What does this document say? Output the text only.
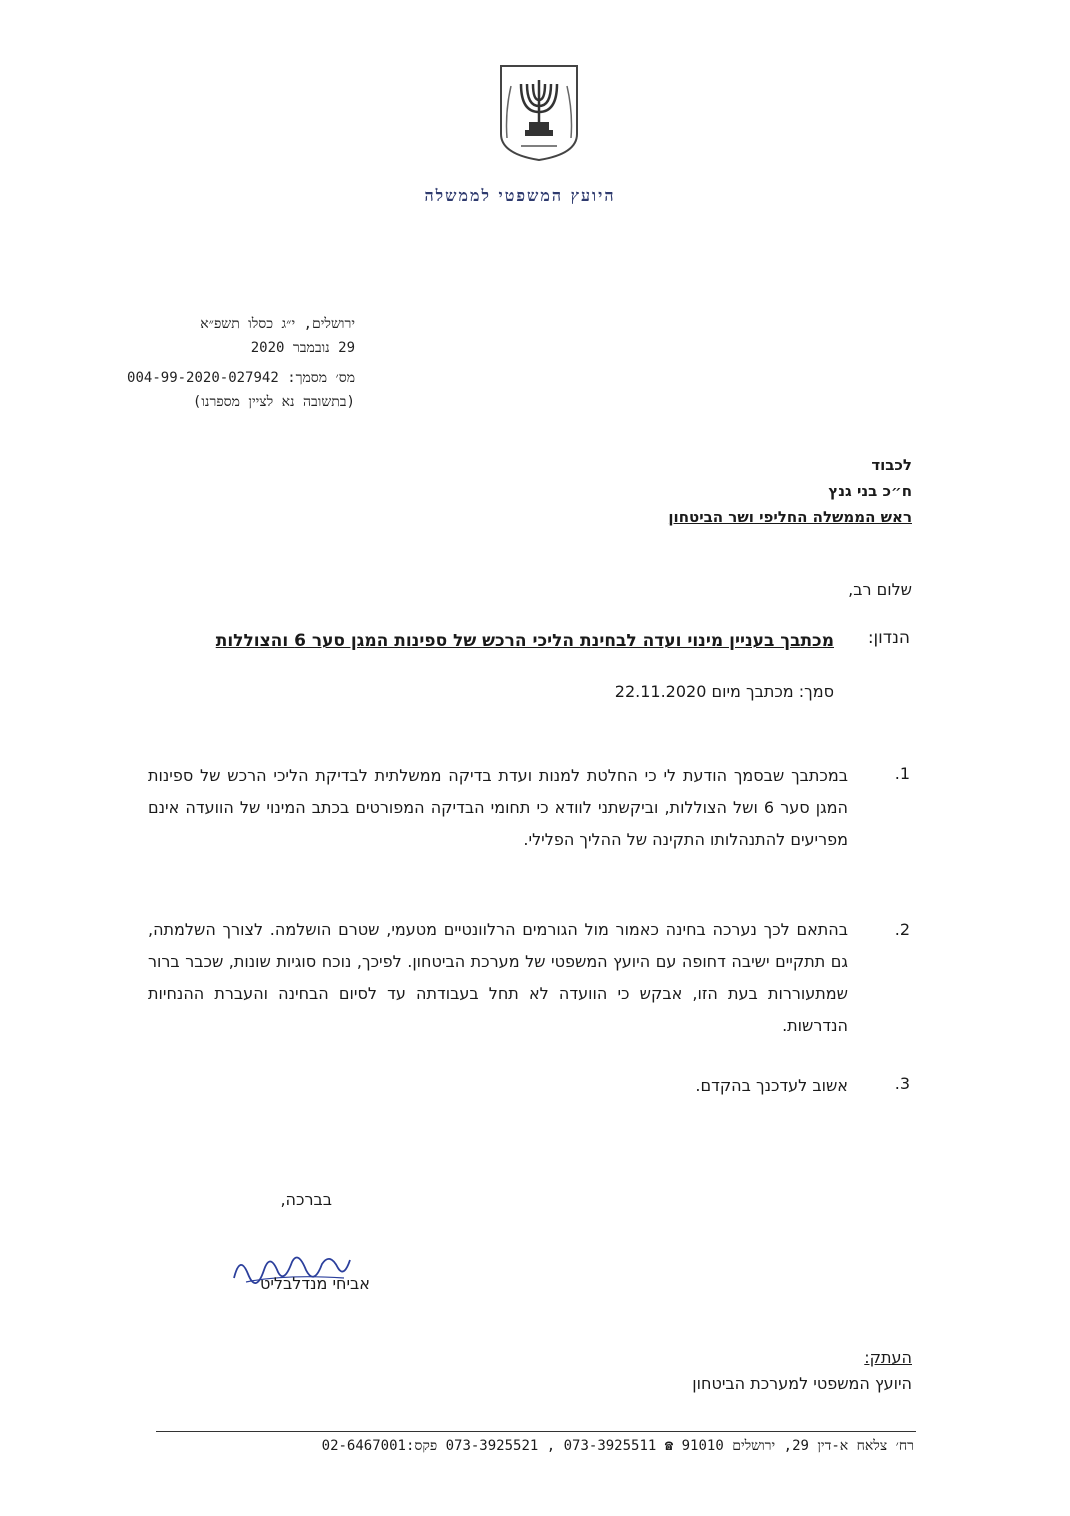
היועץ המשפטי לממשלה
ירושלים, י״ג כסלו תשפ״א
29 נובמבר 2020
מס׳ מסמך: 004-99-2020-027942
(בתשובה נא לציין מספרנו)
לכבוד
ח״כ בני גנץ
ראש הממשלה החליפי ושר הביטחון
שלום רב,
הנדון:
מכתבך בעניין מינוי ועדה לבחינת הליכי הרכש של ספינות המגן סער 6 והצוללות
סמך: מכתבך מיום 22.11.2020
.1
במכתבך שבסמך הודעת לי כי החלטת למנות ועדת בדיקה ממשלתית לבדיקת הליכי הרכש של ספינות המגן סער 6 ושל הצוללות, וביקשתני לוודא כי תחומי הבדיקה המפורטים בכתב המינוי של הוועדה אינם מפריעים להתנהלותו התקינה של ההליך הפלילי.
.2
בהתאם לכך נערכה בחינה כאמור מול הגורמים הרלוונטיים מטעמי, שטרם הושלמה. לצורך השלמתה, גם תתקיים ישיבה דחופה עם היועץ המשפטי של מערכת הביטחון. לפיכך, נוכח סוגיות שונות, שכבר ברור שמתעוררות בעת הזו, אבקש כי הוועדה לא תחל בעבודתה עד לסיום הבחינה והעברת ההנחיות הנדרשות.
.3
אשוב לעדכנך בהקדם.
בברכה,
אביחי מנדלבליט
העתק:
היועץ המשפטי למערכת הביטחון
רח׳ צלאח א-דין 29, ירושלים 91010 ☎ 073-3925511 , 073-3925521 פקס:02-6467001
